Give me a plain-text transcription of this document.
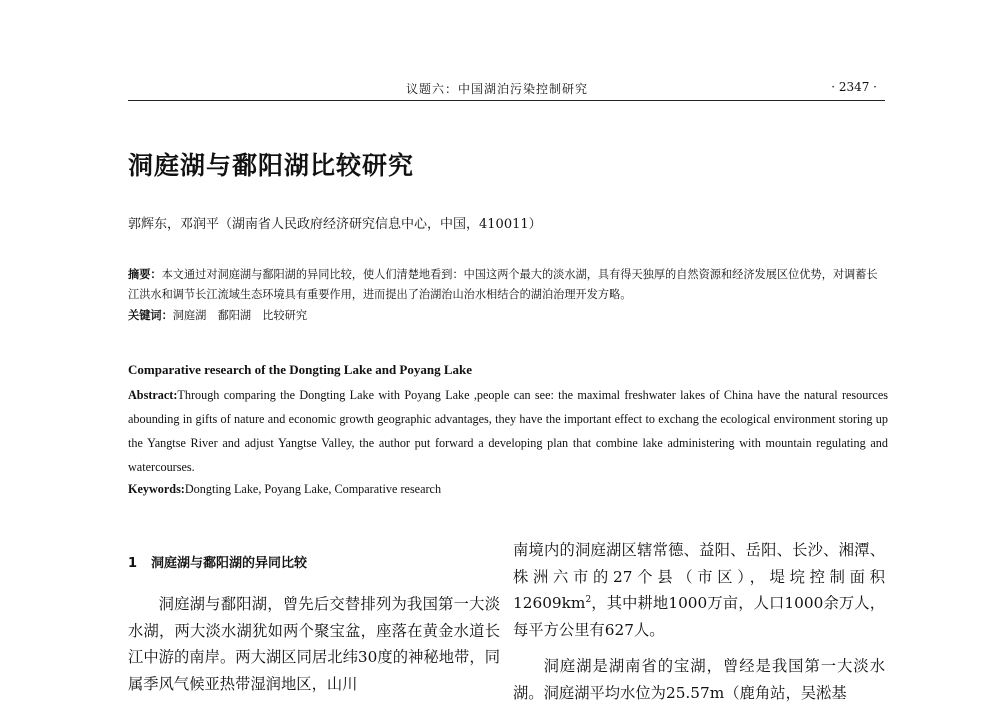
议题六：中国湖泊污染控制研究	· 2347 ·
洞庭湖与鄱阳湖比较研究
郭辉东，邓润平（湖南省人民政府经济研究信息中心，中国，410011）
摘要：本文通过对洞庭湖与鄱阳湖的异同比较，使人们清楚地看到：中国这两个最大的淡水湖，具有得天独厚的自然资源和经济发展区位优势，对调蓄长江洪水和调节长江流域生态环境具有重要作用，进而提出了治湖治山治水相结合的湖泊治理开发方略。
关键词：洞庭湖　鄱阳湖　比较研究
Comparative research of the Dongting Lake and Poyang Lake
Abstract:Through comparing the Dongting Lake with Poyang Lake ,people can see: the maximal freshwater lakes of China have the natural resources abounding in gifts of nature and economic growth geographic advantages, they have the important effect to exchang the ecological environment storing up the Yangtse River and adjust Yangtse Valley, the author put forward a developing plan that combine lake administering with mountain regulating and watercourses.
Keywords:Dongting Lake, Poyang Lake, Comparative research
1 洞庭湖与鄱阳湖的异同比较

洞庭湖与鄱阳湖，曾先后交替排列为我国第一大淡水湖，两大淡水湖犹如两个聚宝盆，座落在黄金水道长江中游的南岸。两大湖区同居北纬30度的神秘地带，同属季风气候亚热带湿润地区，山川

南境内的洞庭湖区辖常德、益阳、岳阳、长沙、湘潭、株洲六市的27个县（市区），堤垸控制面积$12609km^2$，其中耕地1000万亩，人口1000余万人，每平方公里有627人。

洞庭湖是湖南省的宝湖，曾经是我国第一大淡水湖。洞庭湖平均水位为25.57m（鹿角站，吴淞基
